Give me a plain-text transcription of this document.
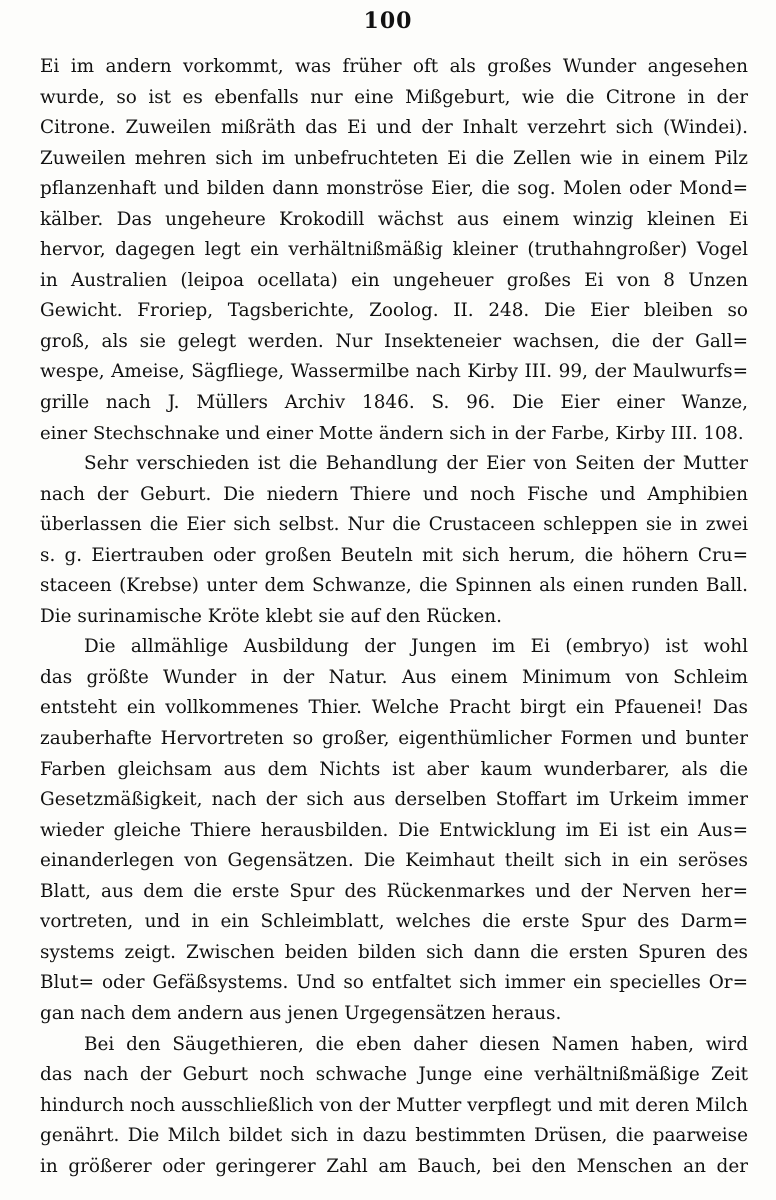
100
Ei im andern vorkommt, was früher oft als großes Wunder angesehen
wurde, so ist es ebenfalls nur eine Mißgeburt, wie die Citrone in der
Citrone. Zuweilen mißräth das Ei und der Inhalt verzehrt sich (Windei).
Zuweilen mehren sich im unbefruchteten Ei die Zellen wie in einem Pilz
pflanzenhaft und bilden dann monströse Eier, die sog. Molen oder Mond=
kälber. Das ungeheure Krokodill wächst aus einem winzig kleinen Ei
hervor, dagegen legt ein verhältnißmäßig kleiner (truthahngroßer) Vogel
in Australien (leipoa ocellata) ein ungeheuer großes Ei von 8 Unzen
Gewicht. Froriep, Tagsberichte, Zoolog. II. 248. Die Eier bleiben so
groß, als sie gelegt werden. Nur Insekteneier wachsen, die der Gall=
wespe, Ameise, Sägfliege, Wassermilbe nach Kirby III. 99, der Maulwurfs=
grille nach J. Müllers Archiv 1846. S. 96. Die Eier einer Wanze,
einer Stechschnake und einer Motte ändern sich in der Farbe, Kirby III. 108.
Sehr verschieden ist die Behandlung der Eier von Seiten der Mutter
nach der Geburt. Die niedern Thiere und noch Fische und Amphibien
überlassen die Eier sich selbst. Nur die Crustaceen schleppen sie in zwei
s. g. Eiertrauben oder großen Beuteln mit sich herum, die höhern Cru=
staceen (Krebse) unter dem Schwanze, die Spinnen als einen runden Ball.
Die surinamische Kröte klebt sie auf den Rücken.
Die allmählige Ausbildung der Jungen im Ei (embryo) ist wohl
das größte Wunder in der Natur. Aus einem Minimum von Schleim
entsteht ein vollkommenes Thier. Welche Pracht birgt ein Pfauenei! Das
zauberhafte Hervortreten so großer, eigenthümlicher Formen und bunter
Farben gleichsam aus dem Nichts ist aber kaum wunderbarer, als die
Gesetzmäßigkeit, nach der sich aus derselben Stoffart im Urkeim immer
wieder gleiche Thiere herausbilden. Die Entwicklung im Ei ist ein Aus=
einanderlegen von Gegensätzen. Die Keimhaut theilt sich in ein seröses
Blatt, aus dem die erste Spur des Rückenmarkes und der Nerven her=
vortreten, und in ein Schleimblatt, welches die erste Spur des Darm=
systems zeigt. Zwischen beiden bilden sich dann die ersten Spuren des
Blut= oder Gefäßsystems. Und so entfaltet sich immer ein specielles Or=
gan nach dem andern aus jenen Urgegensätzen heraus.
Bei den Säugethieren, die eben daher diesen Namen haben, wird
das nach der Geburt noch schwache Junge eine verhältnißmäßige Zeit
hindurch noch ausschließlich von der Mutter verpflegt und mit deren Milch
genährt. Die Milch bildet sich in dazu bestimmten Drüsen, die paarweise
in größerer oder geringerer Zahl am Bauch, bei den Menschen an der
